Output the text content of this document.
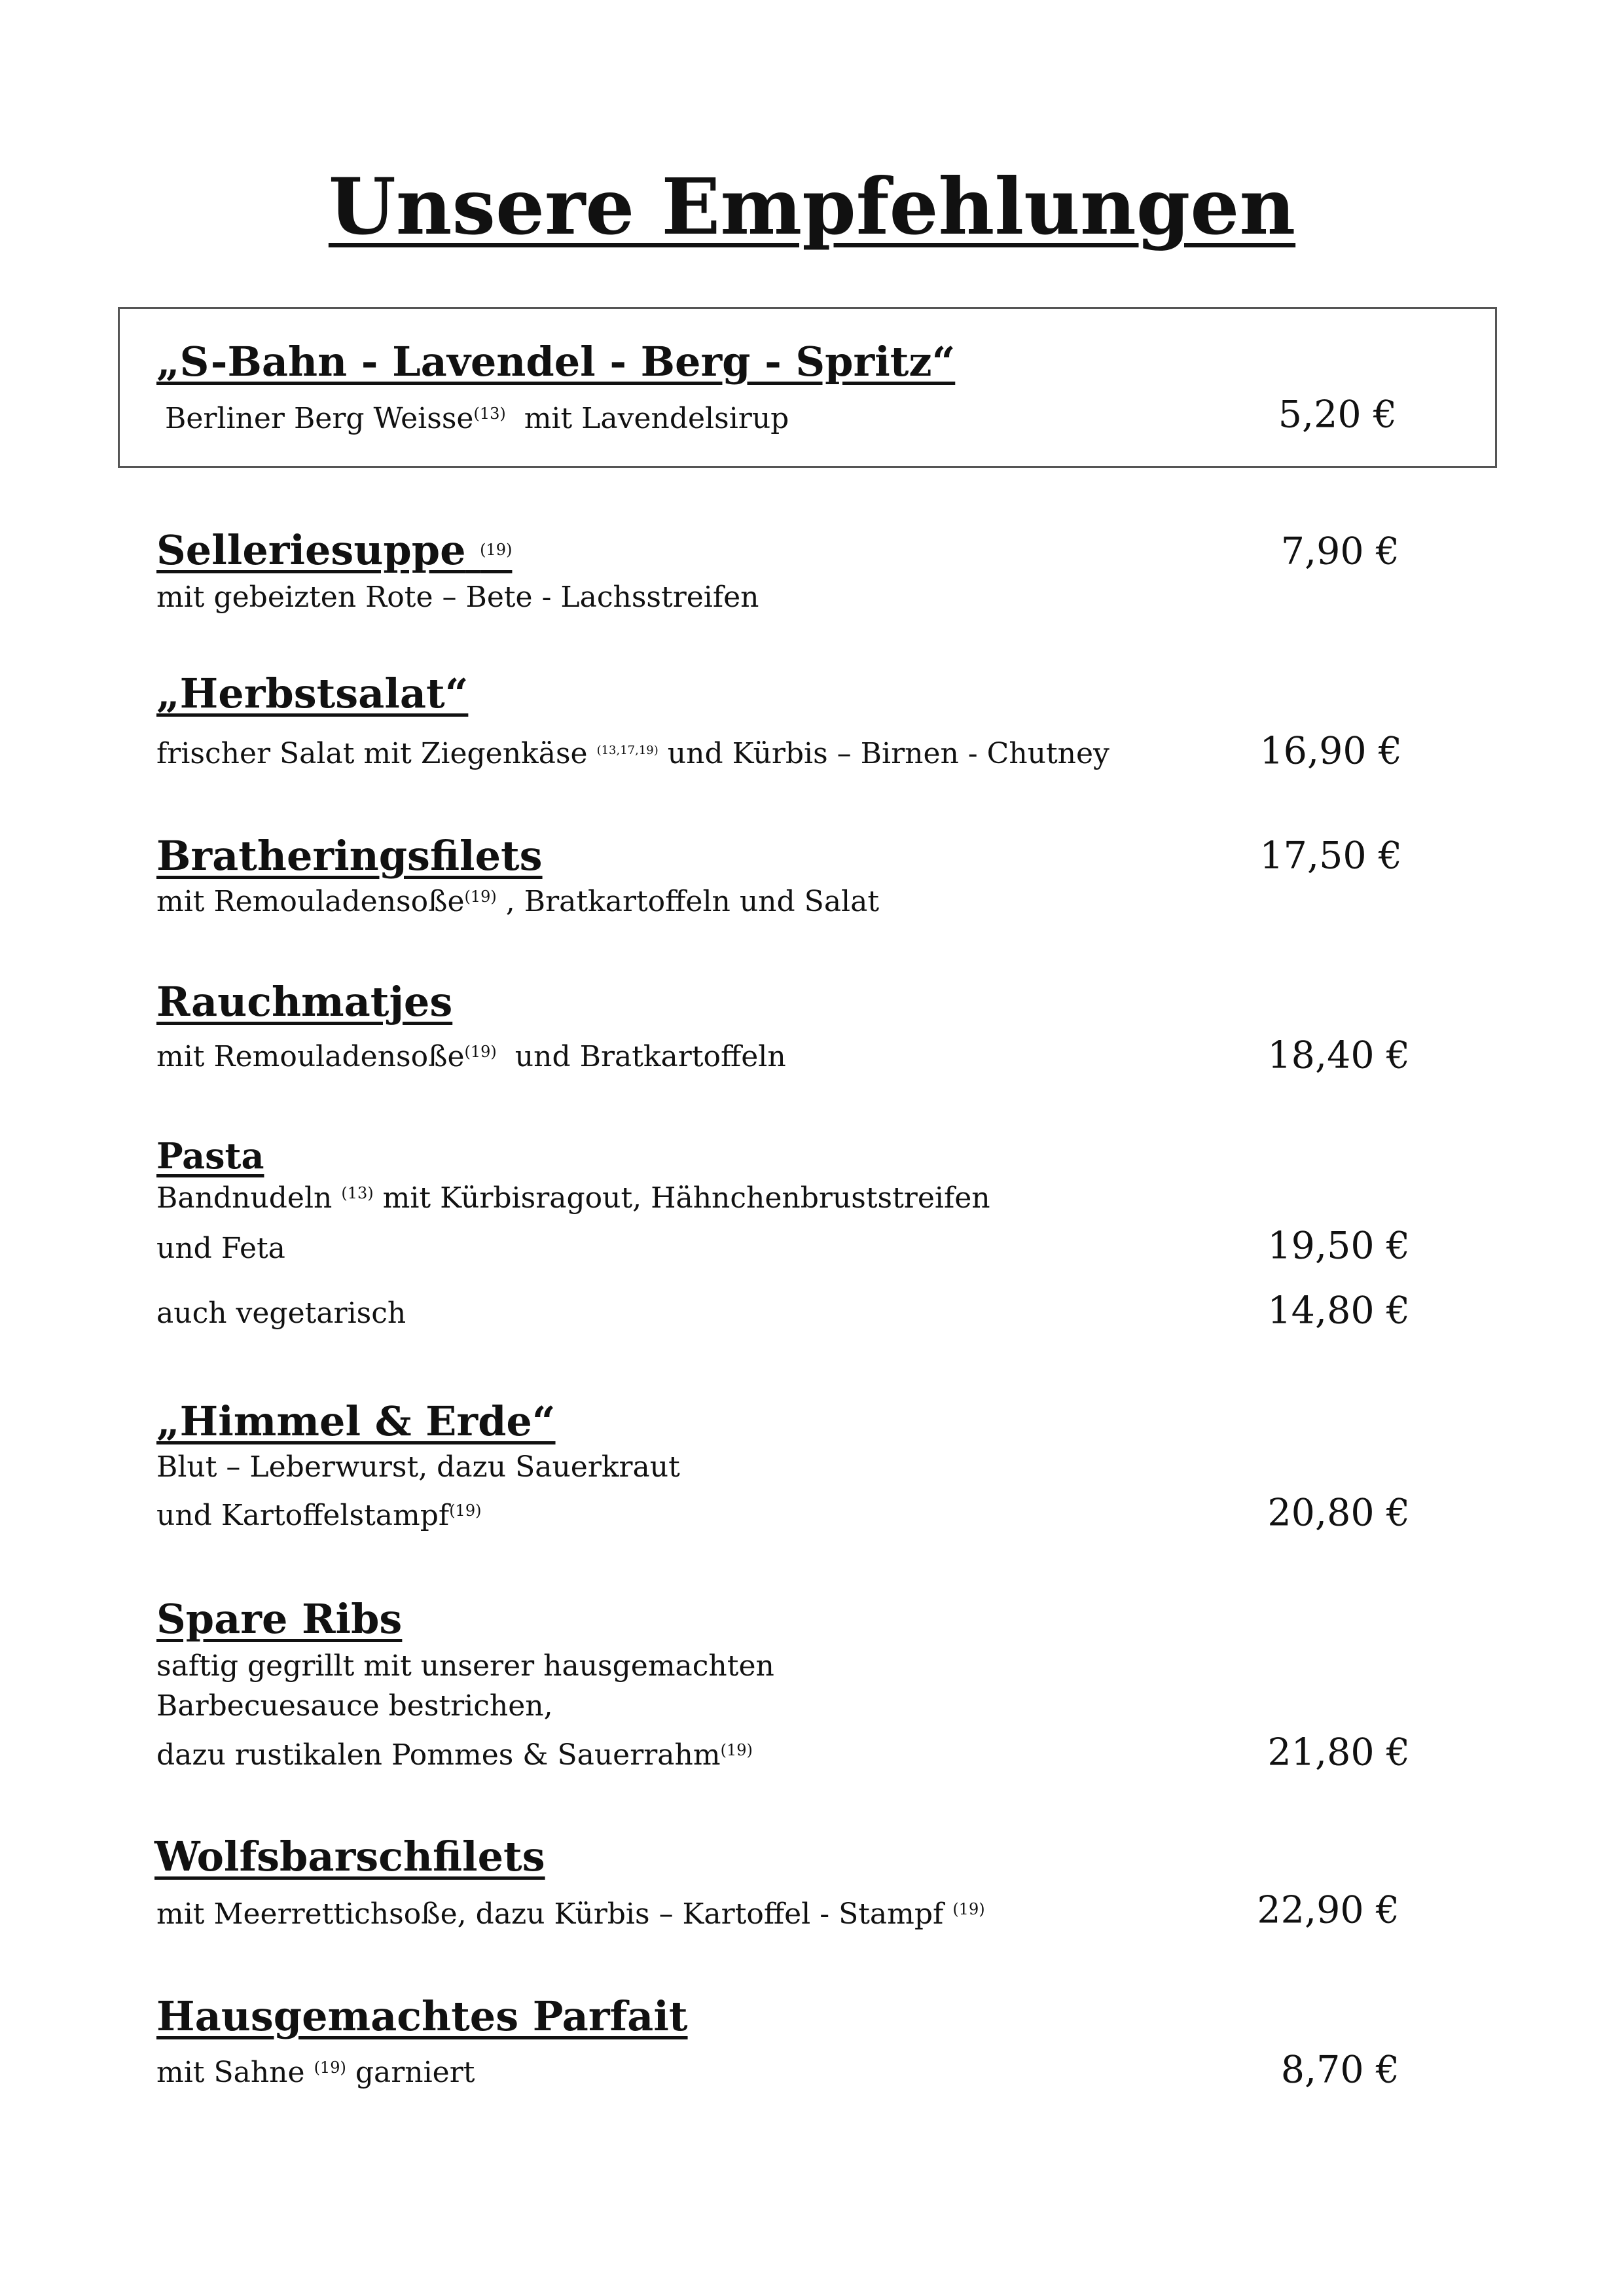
Unsere Empfehlungen
„S-Bahn - Lavendel - Berg - Spritz“
Berliner Berg Weisse$^{(13)}$ mit Lavendelsirup	5,20 €
Selleriesuppe $^{(19)}$	7,90 €
mit gebeizten Rote – Bete - Lachsstreifen
„Herbstsalat“
frischer Salat mit Ziegenkäse $^{(13,17,19)}$ und Kürbis – Birnen - Chutney	16,90 €
Bratheringsfilets	17,50 €
mit Remouladensoße$^{(19)}$ , Bratkartoffeln und Salat
Rauchmatjes
mit Remouladensoße$^{(19)}$  und Bratkartoffeln	18,40 €
Pasta
Bandnudeln $^{(13)}$ mit Kürbisragout, Hähnchenbruststreifen
und Feta	19,50 €
auch vegetarisch	14,80 €
„Himmel & Erde“
Blut – Leberwurst, dazu Sauerkraut
und Kartoffelstampf$^{(19)}$	20,80 €
Spare Ribs
saftig gegrillt mit unserer hausgemachten
Barbecuesauce bestrichen,
dazu rustikalen Pommes & Sauerrahm$^{(19)}$	21,80 €
Wolfsbarschfilets
mit Meerrettichsoße, dazu Kürbis – Kartoffel - Stampf $^{(19)}$	22,90 €
Hausgemachtes Parfait
mit Sahne $^{(19)}$ garniert	8,70 €
